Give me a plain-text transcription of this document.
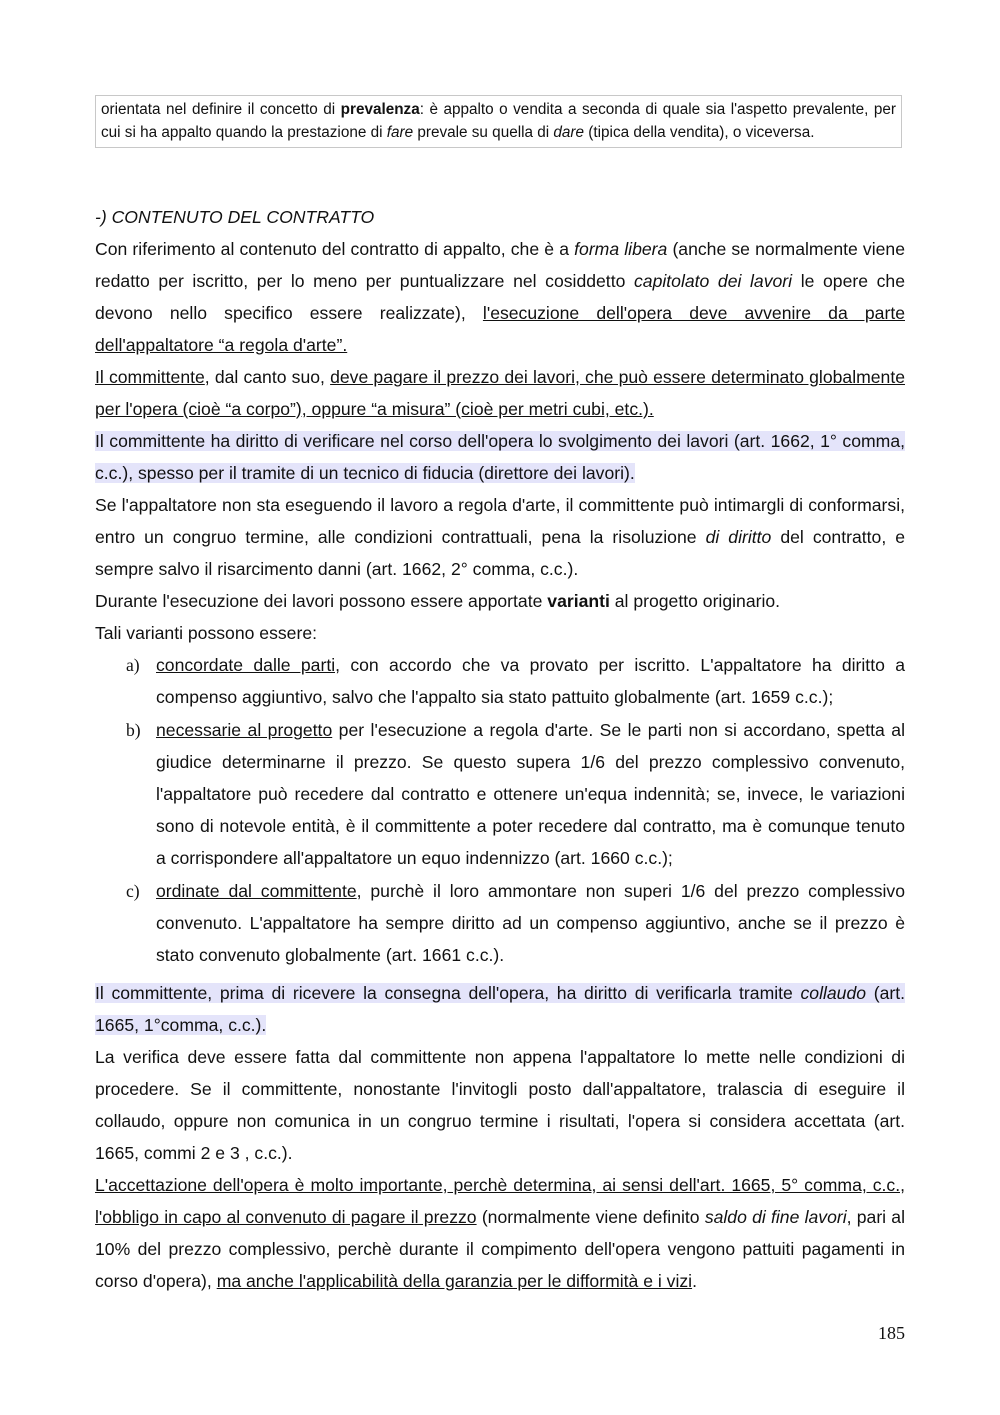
orientata nel definire il concetto di prevalenza: è appalto o vendita a seconda di quale sia l'aspetto prevalente, per cui si ha appalto quando la prestazione di fare prevale su quella di dare (tipica della vendita), o viceversa.

-) CONTENUTO DEL CONTRATTO

Con riferimento al contenuto del contratto di appalto, che è a forma libera (anche se normalmente viene redatto per iscritto, per lo meno per puntualizzare nel cosiddetto capitolato dei lavori le opere che devono nello specifico essere realizzate), l'esecuzione dell'opera deve avvenire da parte dell'appaltatore “a regola d'arte”.

Il committente, dal canto suo, deve pagare il prezzo dei lavori, che può essere determinato globalmente per l'opera (cioè “a corpo”), oppure “a misura” (cioè per metri cubi, etc.).

Il committente ha diritto di verificare nel corso dell'opera lo svolgimento dei lavori (art. 1662, 1° comma, c.c.), spesso per il tramite di un tecnico di fiducia (direttore dei lavori).

Se l'appaltatore non sta eseguendo il lavoro a regola d'arte, il committente può intimargli di conformarsi, entro un congruo termine, alle condizioni contrattuali, pena la risoluzione di diritto del contratto, e sempre salvo il risarcimento danni (art. 1662, 2° comma, c.c.).

Durante l'esecuzione dei lavori possono essere apportate varianti al progetto originario.

Tali varianti possono essere:

a) concordate dalle parti, con accordo che va provato per iscritto. L'appaltatore ha diritto a compenso aggiuntivo, salvo che l'appalto sia stato pattuito globalmente (art. 1659 c.c.);
b) necessarie al progetto per l'esecuzione a regola d'arte. Se le parti non si accordano, spetta al giudice determinarne il prezzo. Se questo supera 1/6 del prezzo complessivo convenuto, l'appaltatore può recedere dal contratto e ottenere un'equa indennità; se, invece, le variazioni sono di notevole entità, è il committente a poter recedere dal contratto, ma è comunque tenuto a corrispondere all'appaltatore un equo indennizzo (art. 1660 c.c.);
c) ordinate dal committente, purchè il loro ammontare non superi 1/6 del prezzo complessivo convenuto. L'appaltatore ha sempre diritto ad un compenso aggiuntivo, anche se il prezzo è stato convenuto globalmente (art. 1661 c.c.).

Il committente, prima di ricevere la consegna dell'opera, ha diritto di verificarla tramite collaudo (art. 1665, 1°comma, c.c.).

La verifica deve essere fatta dal committente non appena l'appaltatore lo mette nelle condizioni di procedere. Se il committente, nonostante l'invitogli posto dall'appaltatore, tralascia di eseguire il collaudo, oppure non comunica in un congruo termine i risultati, l'opera si considera accettata (art. 1665, commi 2 e 3 , c.c.).

L'accettazione dell'opera è molto importante, perchè determina, ai sensi dell'art. 1665, 5° comma, c.c., l'obbligo in capo al convenuto di pagare il prezzo (normalmente viene definito saldo di fine lavori, pari al 10% del prezzo complessivo, perchè durante il compimento dell'opera vengono pattuiti pagamenti in corso d'opera), ma anche l'applicabilità della garanzia per le difformità e i vizi.

185
